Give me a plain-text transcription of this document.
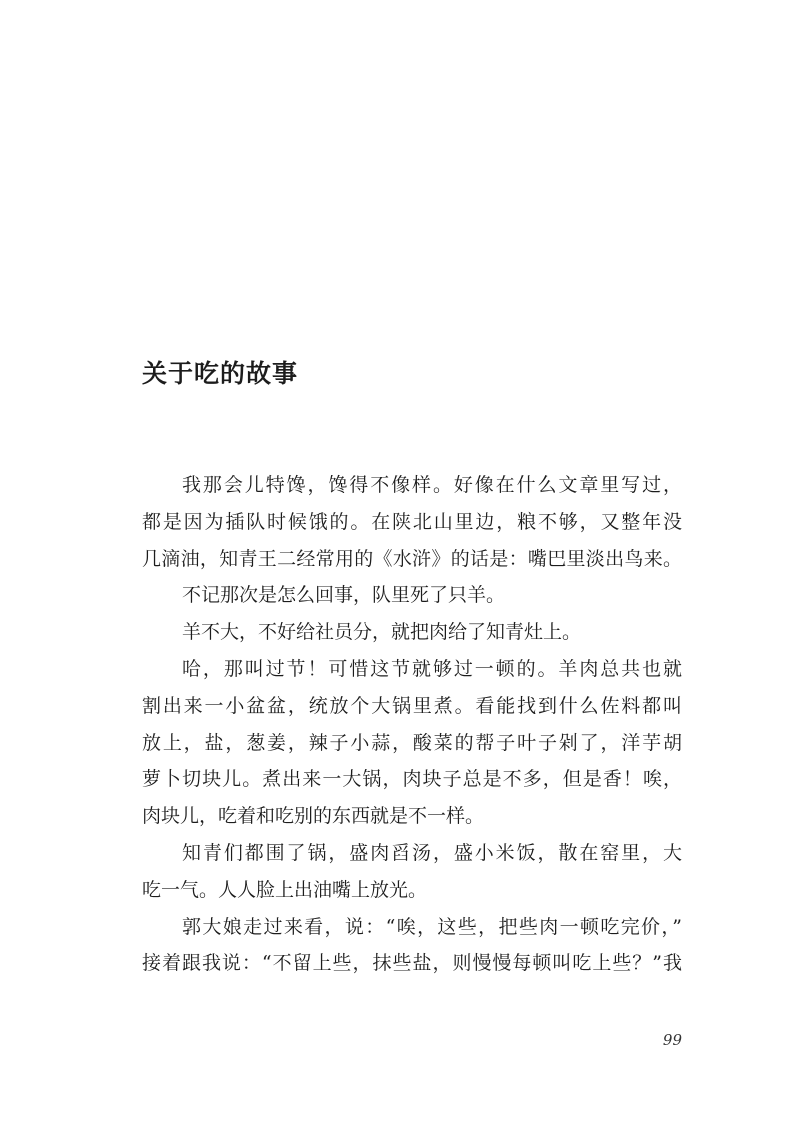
关于吃的故事
我那会儿特馋，馋得不像样。好像在什么文章里写过，
都是因为插队时候饿的。在陕北山里边，粮不够，又整年没
几滴油，知青王二经常用的《水浒》的话是：嘴巴里淡出鸟来。
不记那次是怎么回事，队里死了只羊。
羊不大，不好给社员分，就把肉给了知青灶上。
哈，那叫过节！可惜这节就够过一顿的。羊肉总共也就
割出来一小盆盆，统放个大锅里煮。看能找到什么佐料都叫
放上，盐，葱姜，辣子小蒜，酸菜的帮子叶子剁了，洋芋胡
萝卜切块儿。煮出来一大锅，肉块子总是不多，但是香！唉，
肉块儿，吃着和吃别的东西就是不一样。
知青们都围了锅，盛肉舀汤，盛小米饭，散在窑里，大
吃一气。人人脸上出油嘴上放光。
郭大娘走过来看，说：“唉，这些，把些肉一顿吃完价，”
接着跟我说：“不留上些，抹些盐，则慢慢每顿叫吃上些？”我
99
